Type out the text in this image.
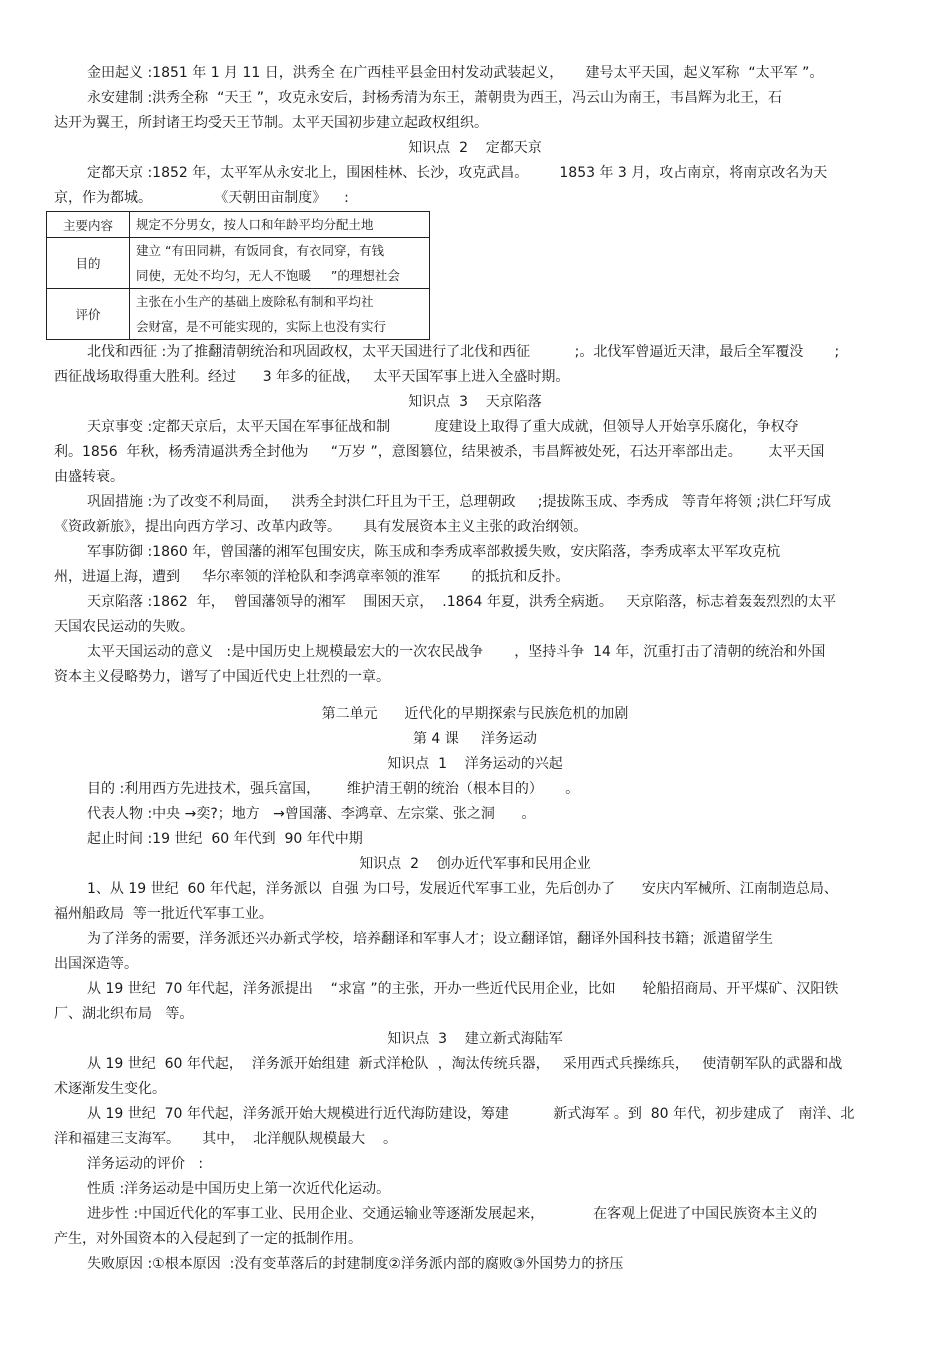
金田起义 :1851 年 1 月 11 日，洪秀全 在广西桂平县金田村发动武装起义，     建号太平天国，起义军称  “太平军 ”。

永安建制 :洪秀全称  “天王 ”，攻克永安后，封杨秀清为东王，萧朝贵为西王，冯云山为南王，韦昌辉为北王，石

达开为翼王，所封诸王均受天王节制。太平天国初步建立起政权组织。

知识点  2    定都天京

定都天京 :1852 年，太平军从永安北上，围困桂林、长沙，攻克武昌。       1853 年 3 月，攻占南京，将南京改名为天

京，作为都城。              《天朝田亩制度》    :

主要内容	规定不分男女，按人口和年龄平均分配土地

目的	建立 “有田同耕，有饭同食，有衣同穿，有钱
同使，无处不均匀，无人不饱暖     ”的理想社会

评价	主张在小生产的基础上废除私有制和平均社
会财富，是不可能实现的，实际上也没有实行

北伐和西征 :为了推翻清朝统治和巩固政权，太平天国进行了北伐和西征          ;。北伐军曾逼近天津，最后全军覆没       ;

西征战场取得重大胜利。经过      3 年多的征战，   太平天国军事上进入全盛时期。

知识点  3    天京陷落

天京事变 :定都天京后，太平天国在军事征战和制          度建设上取得了重大成就，但领导人开始享乐腐化，争权夺

利。1856  年秋，杨秀清逼洪秀全封他为     “万岁 ”，意图篡位，结果被杀，韦昌辉被处死，石达开率部出走。      太平天国

由盛转衰。

巩固措施 :为了改变不利局面，   洪秀全封洪仁玕且为干王，总理朝政     ;提拔陈玉成、李秀成   等青年将领 ;洪仁玕写成

《资政新旅》，提出向西方学习、改革内政等。     具有发展资本主义主张的政治纲领。

军事防御 :1860 年，曾国藩的湘军包围安庆，陈玉成和李秀成率部救援失败，安庆陷落，李秀成率太平军攻克杭

州，进逼上海，遭到     华尔率领的洋枪队和李鸿章率领的淮军       的抵抗和反扑。

天京陷落 :1862  年，  曾国藩领导的湘军    围困天京，  .1864 年夏，洪秀全病逝。   天京陷落，标志着轰轰烈烈的太平

天国农民运动的失败。

太平天国运动的意义   :是中国历史上规模最宏大的一次农民战争       ，坚持斗争  14 年，沉重打击了清朝的统治和外国

资本主义侵略势力，谱写了中国近代史上壮烈的一章。

第二单元      近代化的早期探索与民族危机的加剧

第 4 课     洋务运动

知识点  1    洋务运动的兴起

目的 :利用西方先进技术，强兵富国，      维护清王朝的统治（根本目的）     。

代表人物 :中央 →奕?；地方   →曾国藩、李鸿章、左宗棠、张之洞      。

起止时间 :19 世纪  60 年代到  90 年代中期

知识点  2    创办近代军事和民用企业

1、从 19 世纪  60 年代起，洋务派以  自强 为口号，发展近代军事工业，先后创办了      安庆内军械所、江南制造总局、

福州船政局  等一批近代军事工业。

为了洋务的需要，洋务派还兴办新式学校，培养翻译和军事人才；设立翻译馆，翻译外国科技书籍；派遣留学生

出国深造等。

从 19 世纪  70 年代起，洋务派提出    “求富 ”的主张，开办一些近代民用企业，比如      轮船招商局、开平煤矿、汉阳铁

厂、湖北织布局   等。

知识点  3    建立新式海陆军

从 19 世纪  60 年代起，  洋务派开始组建  新式洋枪队  ，淘汰传统兵器，   采用西式兵操练兵，   使清朝军队的武器和战

术逐渐发生变化。

从 19 世纪  70 年代起，洋务派开始大规模进行近代海防建设，筹建          新式海军 。到  80 年代，初步建成了   南洋、北

洋和福建三支海军。     其中，  北洋舰队规模最大    。

洋务运动的评价   :

性质 :洋务运动是中国历史上第一次近代化运动。

进步性 :中国近代化的军事工业、民用企业、交通运输业等逐渐发展起来，           在客观上促进了中国民族资本主义的

产生，对外国资本的入侵起到了一定的抵制作用。

失败原因 :①根本原因  :没有变革落后的封建制度②洋务派内部的腐败③外国势力的挤压
